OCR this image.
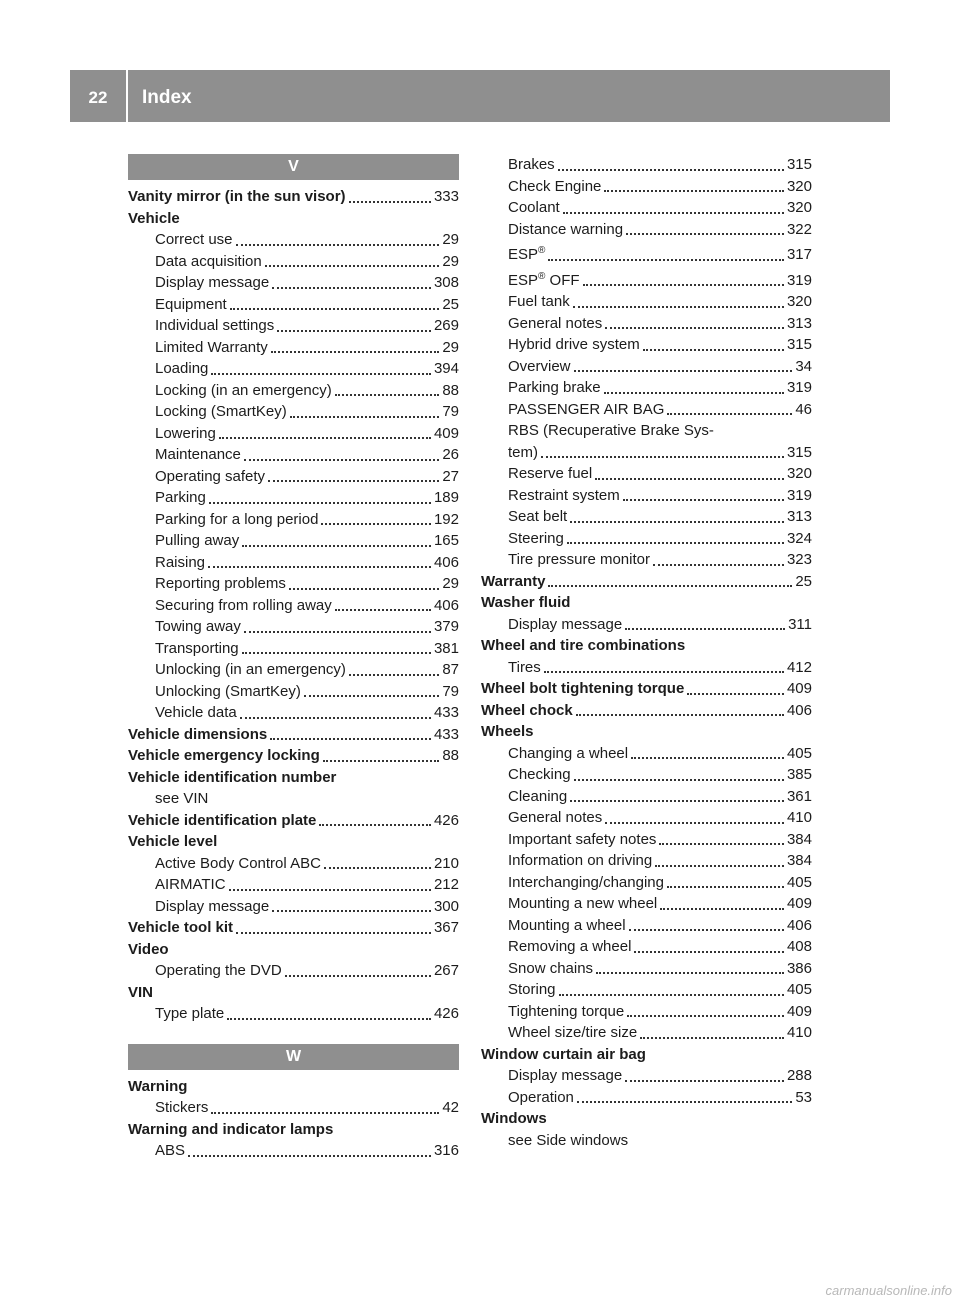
22	Index
V
Vanity mirror (in the sun visor)	333
Vehicle
Correct use	29
Data acquisition	29
Display message	308
Equipment	25
Individual settings	269
Limited Warranty	29
Loading	394
Locking (in an emergency)	88
Locking (SmartKey)	79
Lowering	409
Maintenance	26
Operating safety	27
Parking	189
Parking for a long period	192
Pulling away	165
Raising	406
Reporting problems	29
Securing from rolling away	406
Towing away	379
Transporting	381
Unlocking (in an emergency)	87
Unlocking (SmartKey)	79
Vehicle data	433
Vehicle dimensions	433
Vehicle emergency locking	88
Vehicle identification number
see VIN
Vehicle identification plate	426
Vehicle level
Active Body Control ABC	210
AIRMATIC	212
Display message	300
Vehicle tool kit	367
Video
Operating the DVD	267
VIN
Type plate	426
W
Warning
Stickers	42
Warning and indicator lamps
ABS	316
Brakes	315
Check Engine	320
Coolant	320
Distance warning	322
ESP®	317
ESP® OFF	319
Fuel tank	320
General notes	313
Hybrid drive system	315
Overview	34
Parking brake	319
PASSENGER AIR BAG	46
RBS (Recuperative Brake Sys-
tem)	315
Reserve fuel	320
Restraint system	319
Seat belt	313
Steering	324
Tire pressure monitor	323
Warranty	25
Washer fluid
Display message	311
Wheel and tire combinations
Tires	412
Wheel bolt tightening torque	409
Wheel chock	406
Wheels
Changing a wheel	405
Checking	385
Cleaning	361
General notes	410
Important safety notes	384
Information on driving	384
Interchanging/changing	405
Mounting a new wheel	409
Mounting a wheel	406
Removing a wheel	408
Snow chains	386
Storing	405
Tightening torque	409
Wheel size/tire size	410
Window curtain air bag
Display message	288
Operation	53
Windows
see Side windows
carmanualsonline.info
